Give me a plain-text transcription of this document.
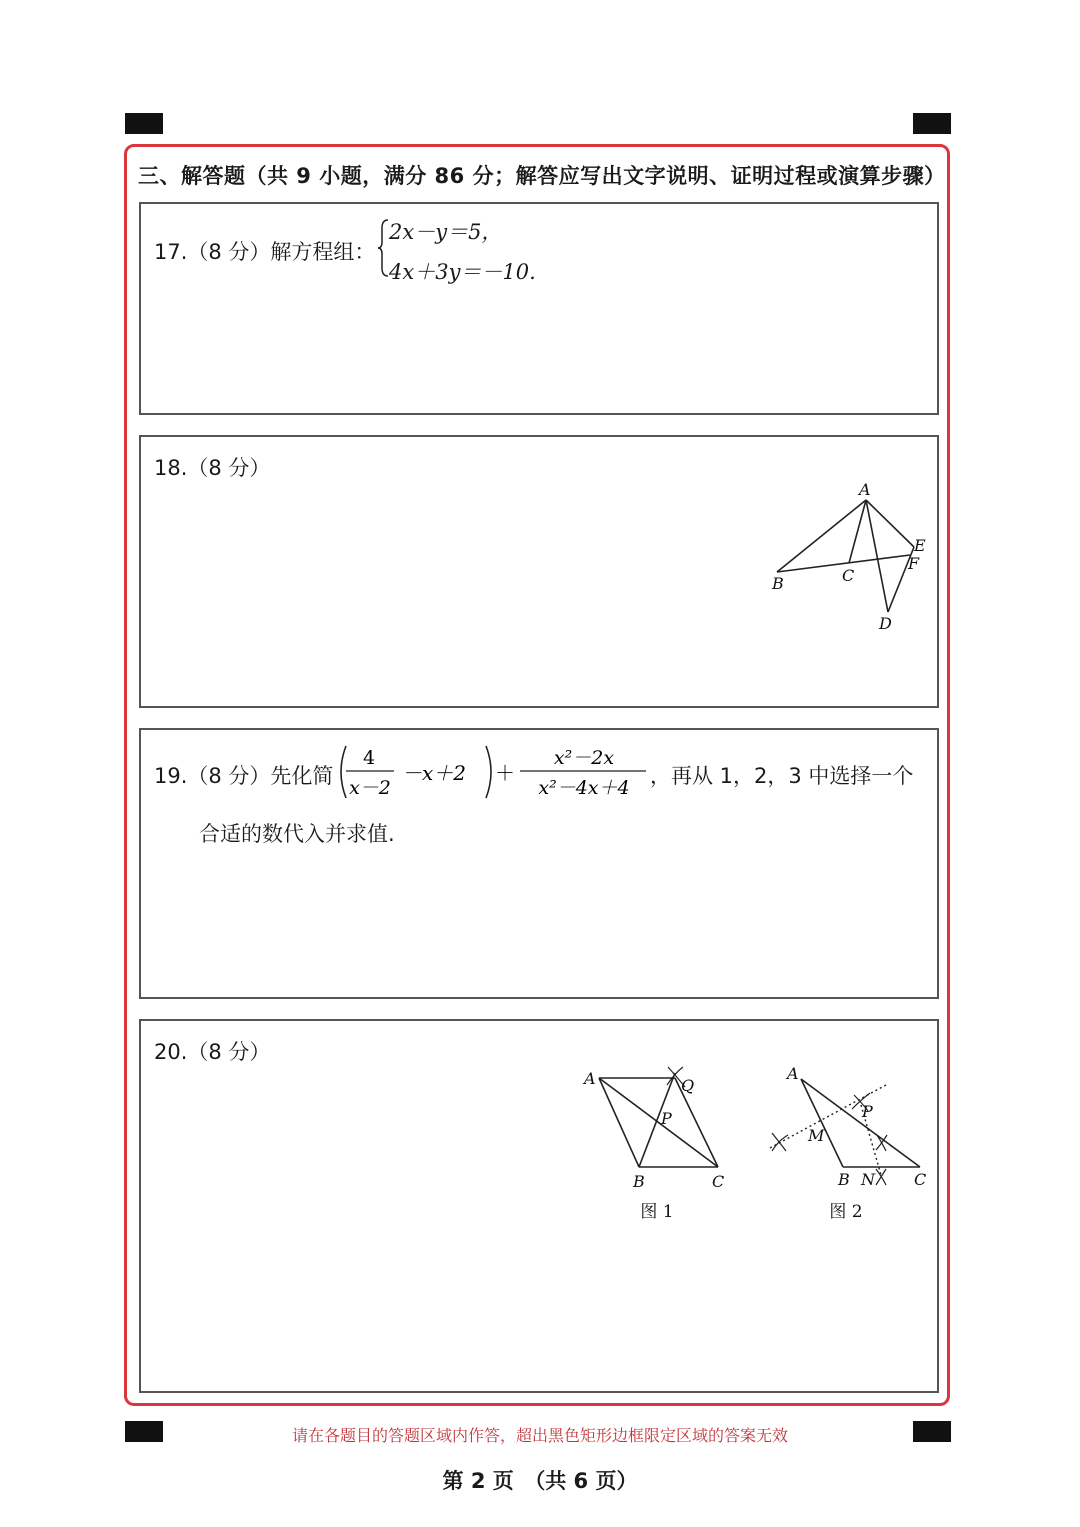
三、解答题（共 9 小题，满分 86 分；解答应写出文字说明、证明过程或演算步骤）
17.（8 分）解方程组：
2x－y＝5，
4x＋3y＝－10.
18.（8 分）
A
B	C
D
E
F
19.（8 分）先化简
4
x－2
－x＋2 ＋
x²－2x
x²－4x＋4 ，再从 1，2，3 中选择一个
合适的数代入并求值.
20.（8 分）
A	Q
P
B	C
图 1
A
P
M
B N C
图 2
请在各题目的答题区域内作答，超出黑色矩形边框限定区域的答案无效
第 2 页　（共 6 页）
